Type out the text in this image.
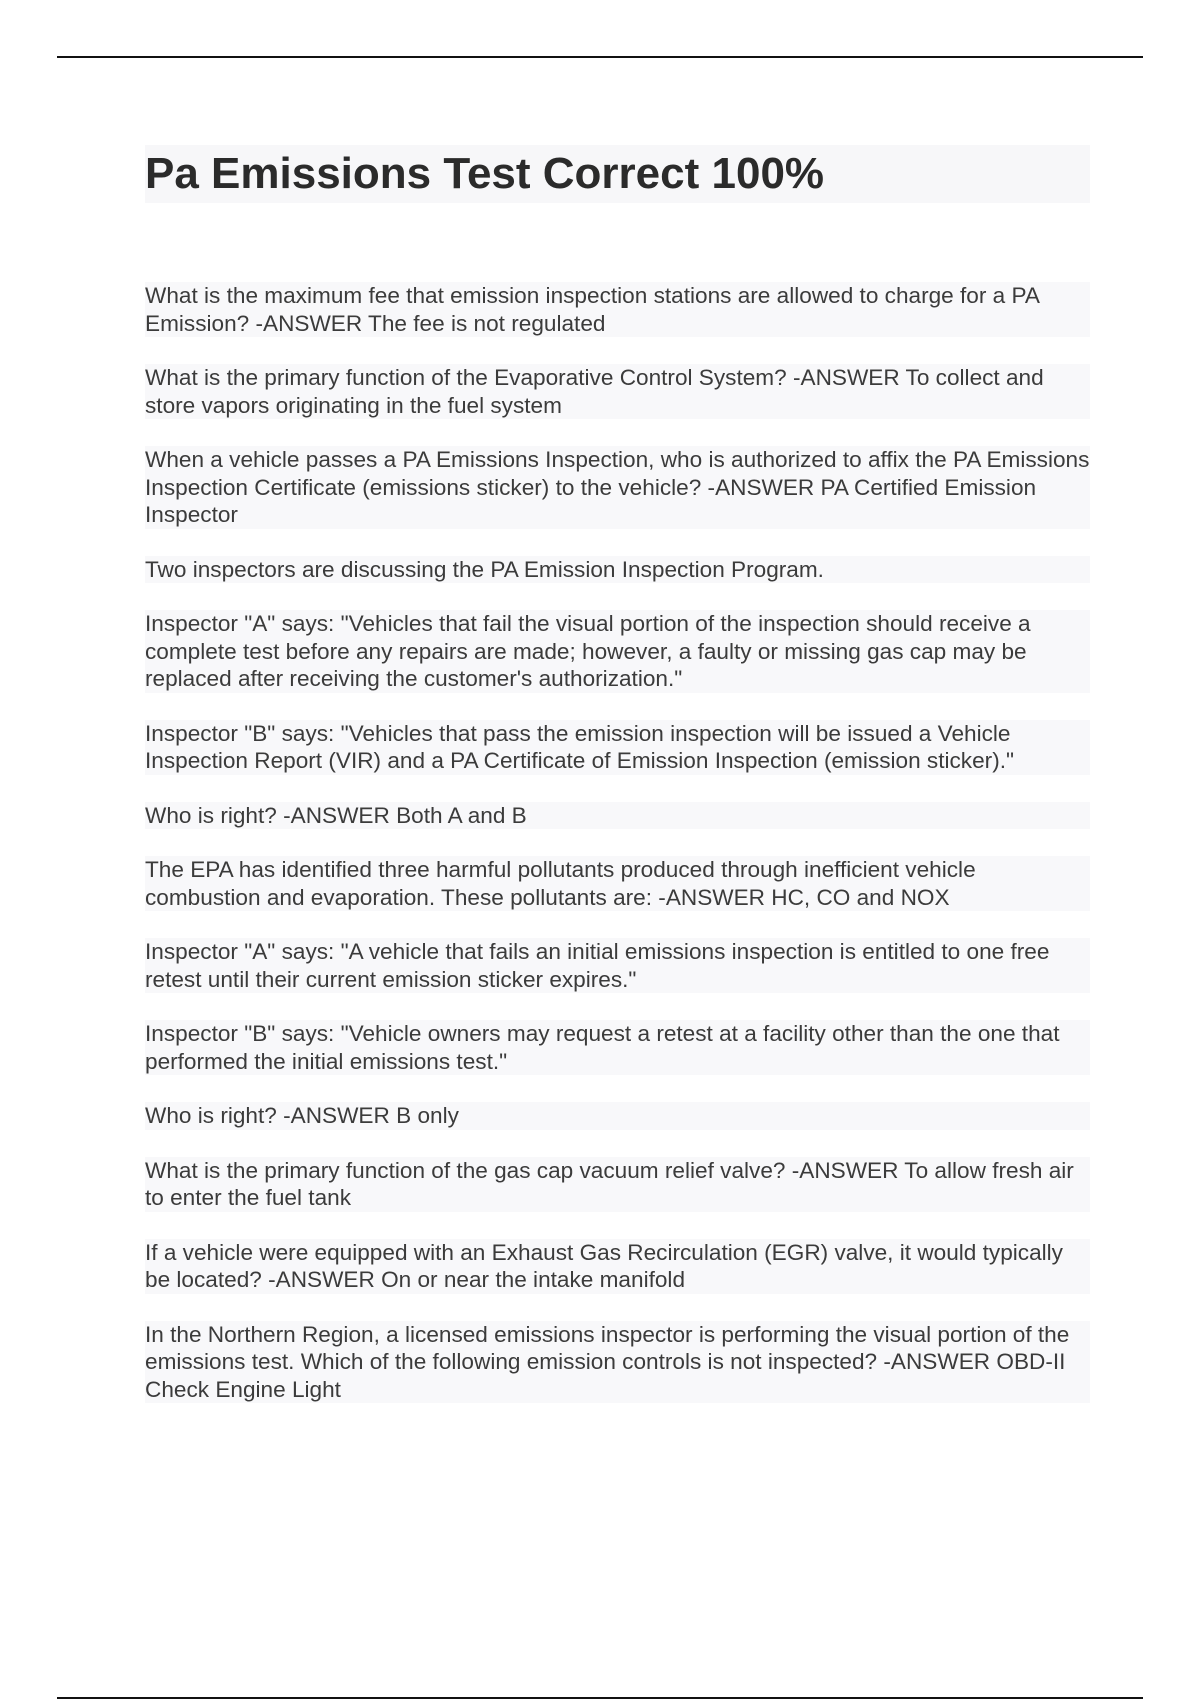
Pa Emissions Test Correct 100%

What is the maximum fee that emission inspection stations are allowed to charge for a PA Emission? -ANSWER The fee is not regulated

What is the primary function of the Evaporative Control System? -ANSWER To collect and store vapors originating in the fuel system

When a vehicle passes a PA Emissions Inspection, who is authorized to affix the PA Emissions Inspection Certificate (emissions sticker) to the vehicle? -ANSWER PA Certified Emission Inspector

Two inspectors are discussing the PA Emission Inspection Program.

Inspector "A" says: "Vehicles that fail the visual portion of the inspection should receive a complete test before any repairs are made; however, a faulty or missing gas cap may be replaced after receiving the customer's authorization."

Inspector "B" says: "Vehicles that pass the emission inspection will be issued a Vehicle Inspection Report (VIR) and a PA Certificate of Emission Inspection (emission sticker)."

Who is right? -ANSWER Both A and B

The EPA has identified three harmful pollutants produced through inefficient vehicle combustion and evaporation. These pollutants are: -ANSWER HC, CO and NOX

Inspector "A" says: "A vehicle that fails an initial emissions inspection is entitled to one free retest until their current emission sticker expires."

Inspector "B" says: "Vehicle owners may request a retest at a facility other than the one that performed the initial emissions test."

Who is right? -ANSWER B only

What is the primary function of the gas cap vacuum relief valve? -ANSWER To allow fresh air to enter the fuel tank

If a vehicle were equipped with an Exhaust Gas Recirculation (EGR) valve, it would typically be located? -ANSWER On or near the intake manifold

In the Northern Region, a licensed emissions inspector is performing the visual portion of the emissions test. Which of the following emission controls is not inspected? -ANSWER OBD-II Check Engine Light
